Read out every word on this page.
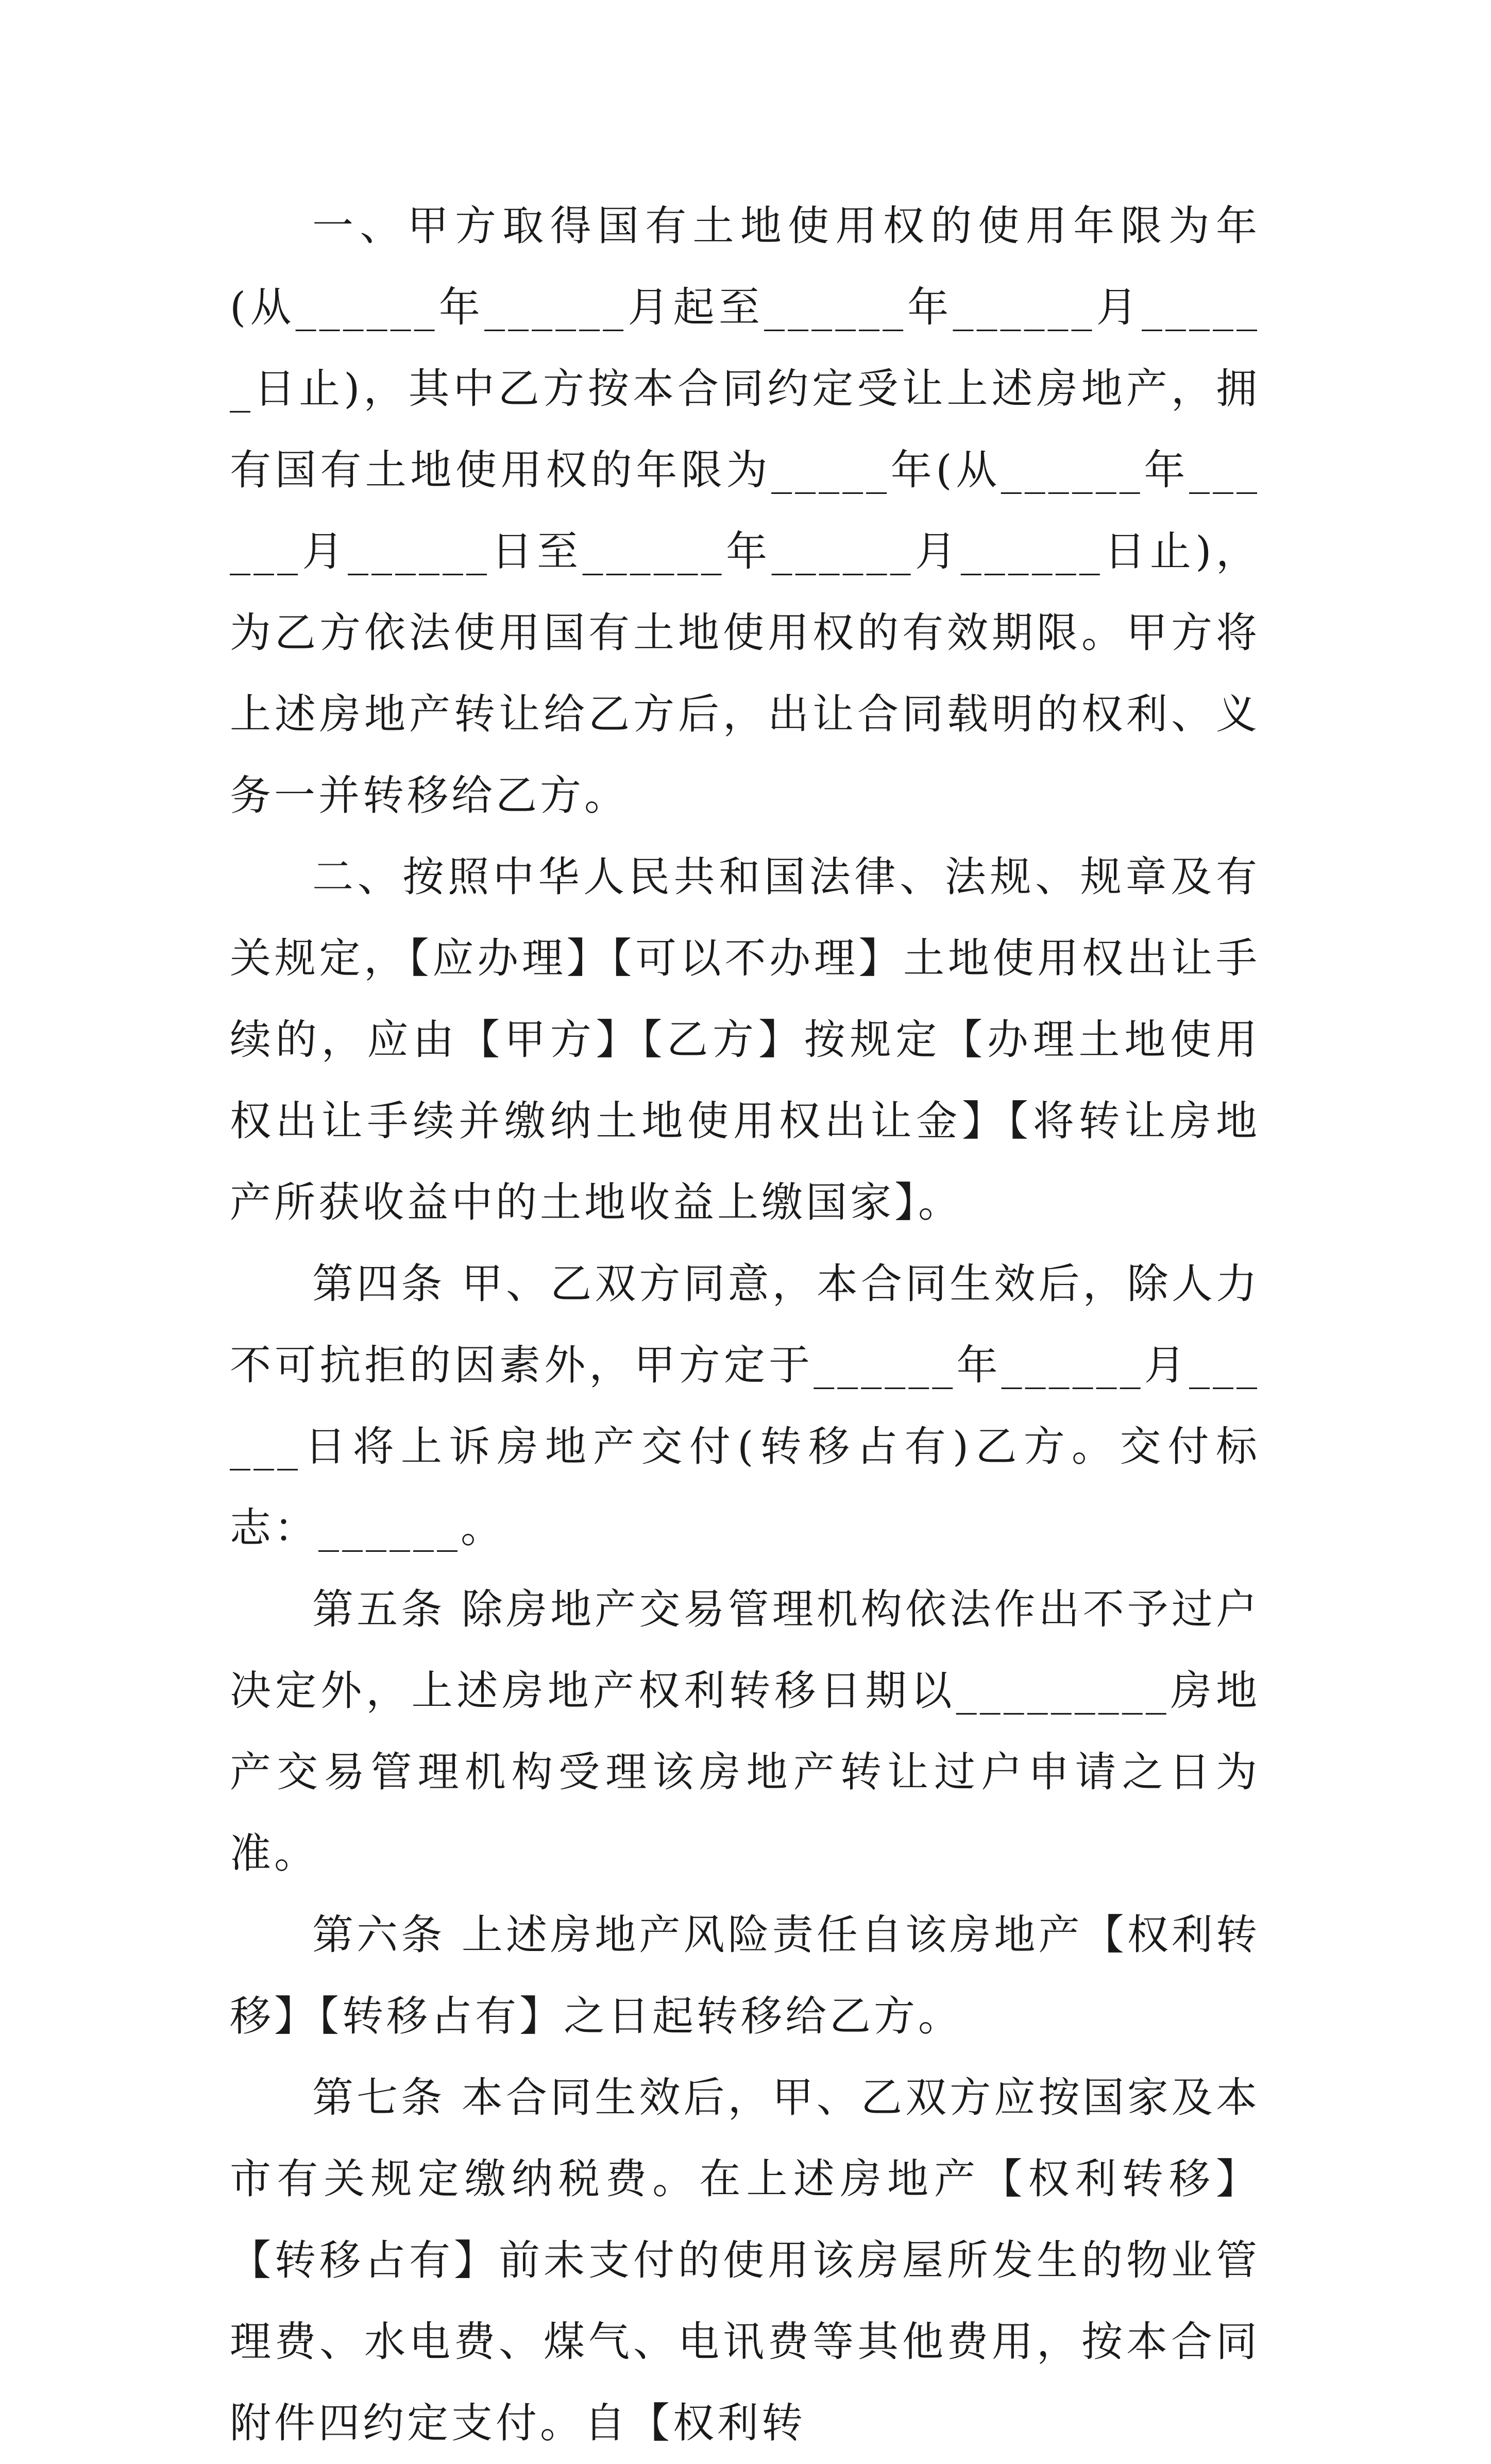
一、甲方取得国有土地使用权的使用年限为年(从______年______月起至______年______月______日止)，其中乙方按本合同约定受让上述房地产，拥有国有土地使用权的年限为_____年(从______年______月______日至______年______月______日止)，为乙方依法使用国有土地使用权的有效期限。甲方将上述房地产转让给乙方后，出让合同载明的权利、义务一并转移给乙方。

二、按照中华人民共和国法律、法规、规章及有关规定，【应办理】【可以不办理】土地使用权出让手续的，应由【甲方】【乙方】按规定【办理土地使用权出让手续并缴纳土地使用权出让金】【将转让房地产所获收益中的土地收益上缴国家】。

第四条 甲、乙双方同意，本合同生效后，除人力不可抗拒的因素外，甲方定于______年______月______日将上诉房地产交付(转移占有)乙方。交付标志：______。

第五条 除房地产交易管理机构依法作出不予过户决定外，上述房地产权利转移日期以_________房地产交易管理机构受理该房地产转让过户申请之日为准。

第六条 上述房地产风险责任自该房地产【权利转移】【转移占有】之日起转移给乙方。

第七条 本合同生效后，甲、乙双方应按国家及本市有关规定缴纳税费。在上述房地产【权利转移】【转移占有】前未支付的使用该房屋所发生的物业管理费、水电费、煤气、电讯费等其他费用，按本合同附件四约定支付。自【权利转
